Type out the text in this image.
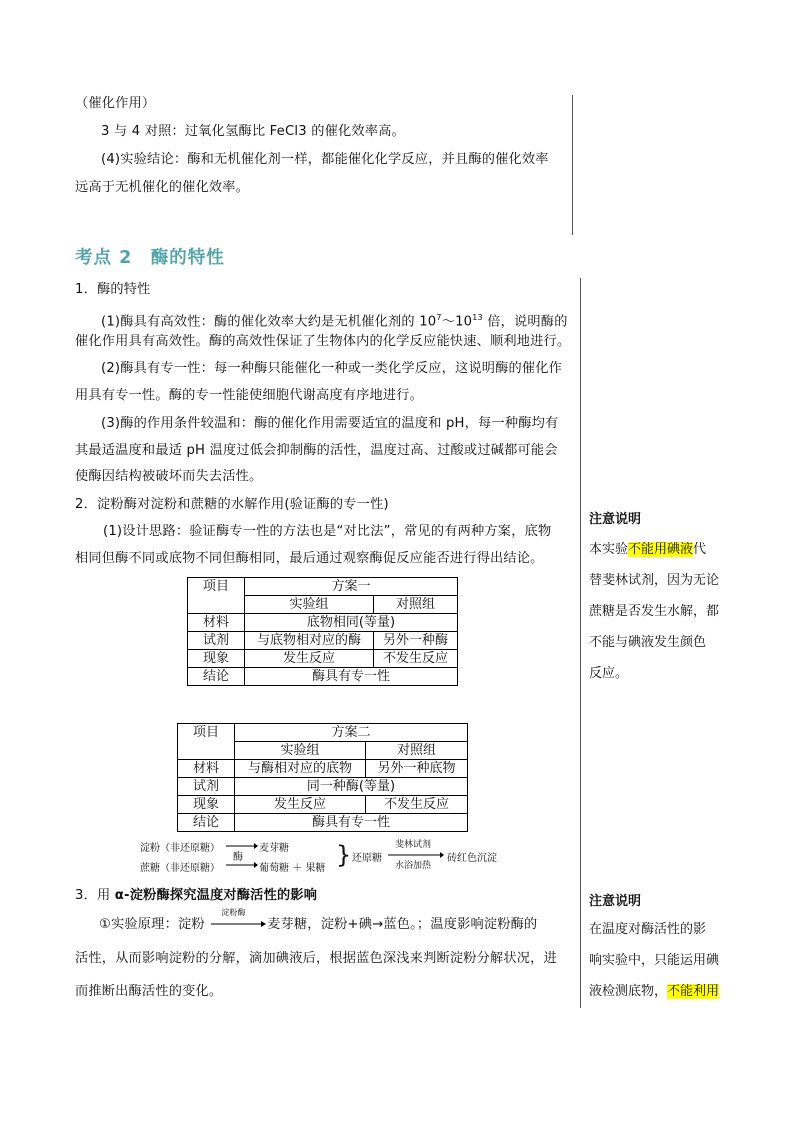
（催化作用）
3 与 4 对照：过氧化氢酶比 FeCl3 的催化效率高。
(4)实验结论：酶和无机催化剂一样，都能催化化学反应，并且酶的催化效率
远高于无机催化的催化效率。
考点 2　酶的特性
1．酶的特性
(1)酶具有高效性：酶的催化效率大约是无机催化剂的 $10^7\sim 10^{13}$ 倍，说明酶的
催化作用具有高效性。酶的高效性保证了生物体内的化学反应能快速、顺利地进行。
(2)酶具有专一性：每一种酶只能催化一种或一类化学反应，这说明酶的催化作
用具有专一性。酶的专一性能使细胞代谢高度有序地进行。
(3)酶的作用条件较温和：酶的催化作用需要适宜的温度和 pH，每一种酶均有
其最适温度和最适 pH 温度过低会抑制酶的活性，温度过高、过酸或过碱都可能会
使酶因结构被破坏而失去活性。
2．淀粉酶对淀粉和蔗糖的水解作用(验证酶的专一性)
(1)设计思路：验证酶专一性的方法也是“对比法”，常见的有两种方案，底物
相同但酶不同或底物不同但酶相同，最后通过观察酶促反应能否进行得出结论。
项目	方案一	
	实验组	对照组
材料	底物相同(等量)	
试剂	与底物相对应的酶	另外一种酶
现象	发生反应	不发生反应
结论	酶具有专一性	
项目	方案二	
	实验组	对照组
材料	与酶相对应的底物	另外一种底物
试剂	同一种酶(等量)	
现象	发生反应	不发生反应
结论	酶具有专一性	
淀粉（非还原糖）
蔗糖（非还原糖）
酶
麦芽糖
葡萄糖 ＋ 果糖 } 还原糖
斐林试剂
水浴加热
砖红色沉淀
3．用 α-淀粉酶探究温度对酶活性的影响
①实验原理：淀粉
淀粉酶
麦芽糖，淀粉+碘→蓝色。；温度影响淀粉酶的
活性，从而影响淀粉的分解，滴加碘液后，根据蓝色深浅来判断淀粉分解状况，进
而推断出酶活性的变化。
注意说明
本实验不能用碘液代
替斐林试剂，因为无论
蔗糖是否发生水解，都
不能与碘液发生颜色
反应。
注意说明
在温度对酶活性的影
响实验中，只能运用碘
液检测底物，不能利用
